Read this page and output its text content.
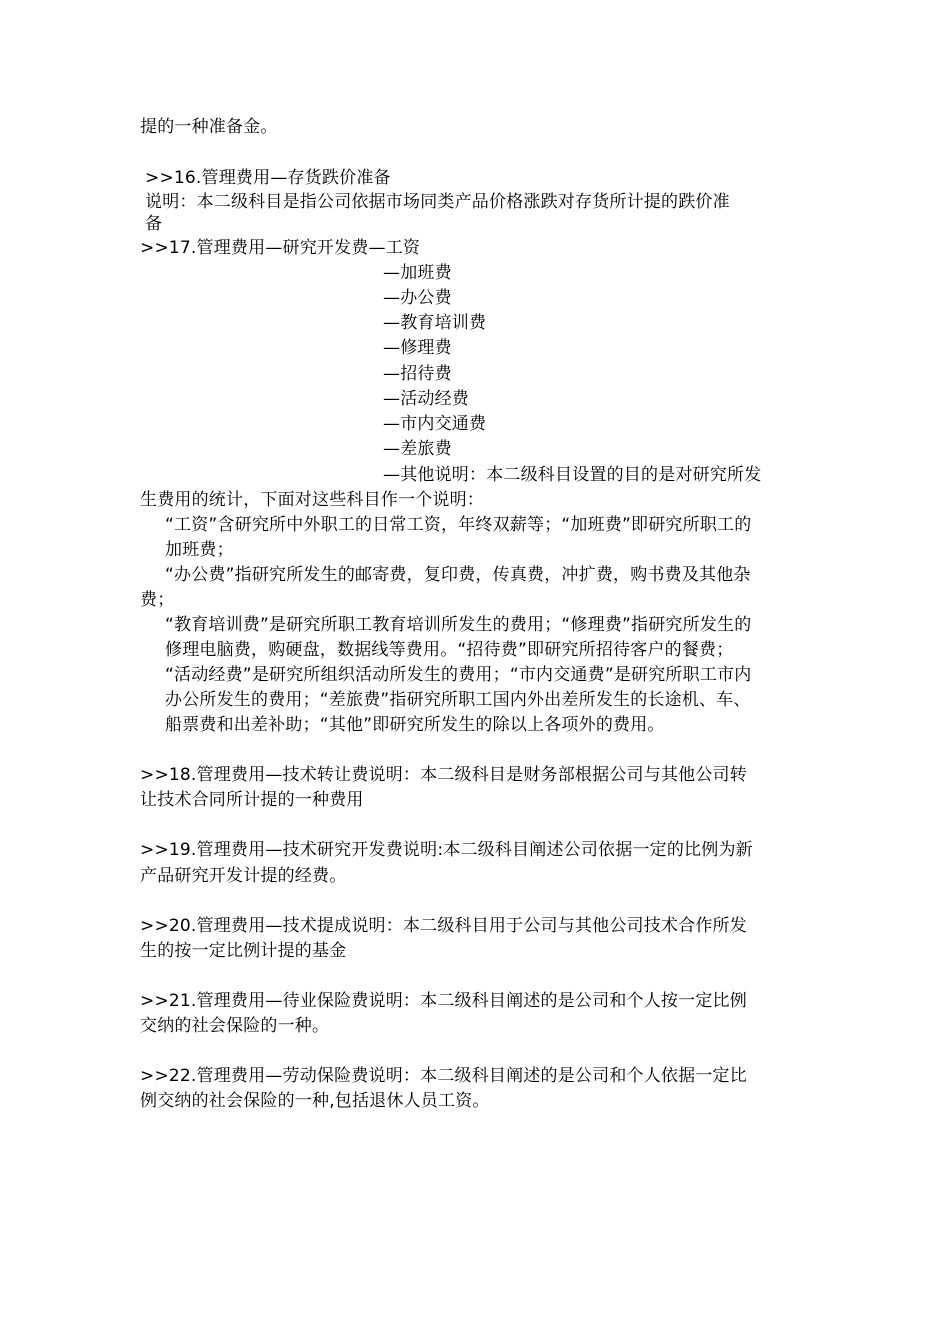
提的一种准备金。
>>16.管理费用—存货跌价准备
说明：本二级科目是指公司依据市场同类产品价格涨跌对存货所计提的跌价准
备
>>17.管理费用—研究开发费—工资
—加班费
—办公费
—教育培训费
—修理费
—招待费
—活动经费
—市内交通费
—差旅费
—其他说明：本二级科目设置的目的是对研究所发
生费用的统计，下面对这些科目作一个说明：
“工资”含研究所中外职工的日常工资，年终双薪等；“加班费”即研究所职工的
加班费；
“办公费”指研究所发生的邮寄费，复印费，传真费，冲扩费，购书费及其他杂
费；
“教育培训费”是研究所职工教育培训所发生的费用；“修理费”指研究所发生的
修理电脑费，购硬盘，数据线等费用。“招待费”即研究所招待客户的餐费；
“活动经费”是研究所组织活动所发生的费用；“市内交通费”是研究所职工市内
办公所发生的费用；“差旅费”指研究所职工国内外出差所发生的长途机、车、
船票费和出差补助；“其他”即研究所发生的除以上各项外的费用。
>>18.管理费用—技术转让费说明：本二级科目是财务部根据公司与其他公司转
让技术合同所计提的一种费用
>>19.管理费用—技术研究开发费说明:本二级科目阐述公司依据一定的比例为新
产品研究开发计提的经费。
>>20.管理费用—技术提成说明：本二级科目用于公司与其他公司技术合作所发
生的按一定比例计提的基金
>>21.管理费用—待业保险费说明：本二级科目阐述的是公司和个人按一定比例
交纳的社会保险的一种。
>>22.管理费用—劳动保险费说明：本二级科目阐述的是公司和个人依据一定比
例交纳的社会保险的一种,包括退休人员工资。
